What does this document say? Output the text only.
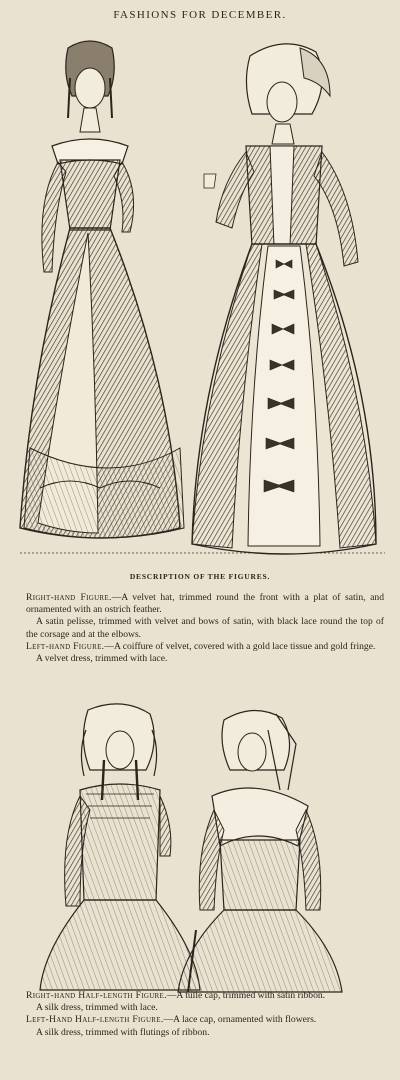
FASHIONS FOR DECEMBER.
DESCRIPTION OF THE FIGURES.

Right-hand Figure.—A velvet hat, trimmed round the front with a plat of satin, and ornamented with an ostrich feather.

A satin pelisse, trimmed with velvet and bows of satin, with black lace round the top of the corsage and at the elbows.

Left-hand Figure.—A coiffure of velvet, covered with a gold lace tissue and gold fringe.

A velvet dress, trimmed with lace.

Right-hand Half-length Figure.—A tulle cap, trimmed with satin ribbon.

A silk dress, trimmed with lace.

Left-Hand Half-length Figure.—A lace cap, ornamented with flowers.

A silk dress, trimmed with flutings of ribbon.
